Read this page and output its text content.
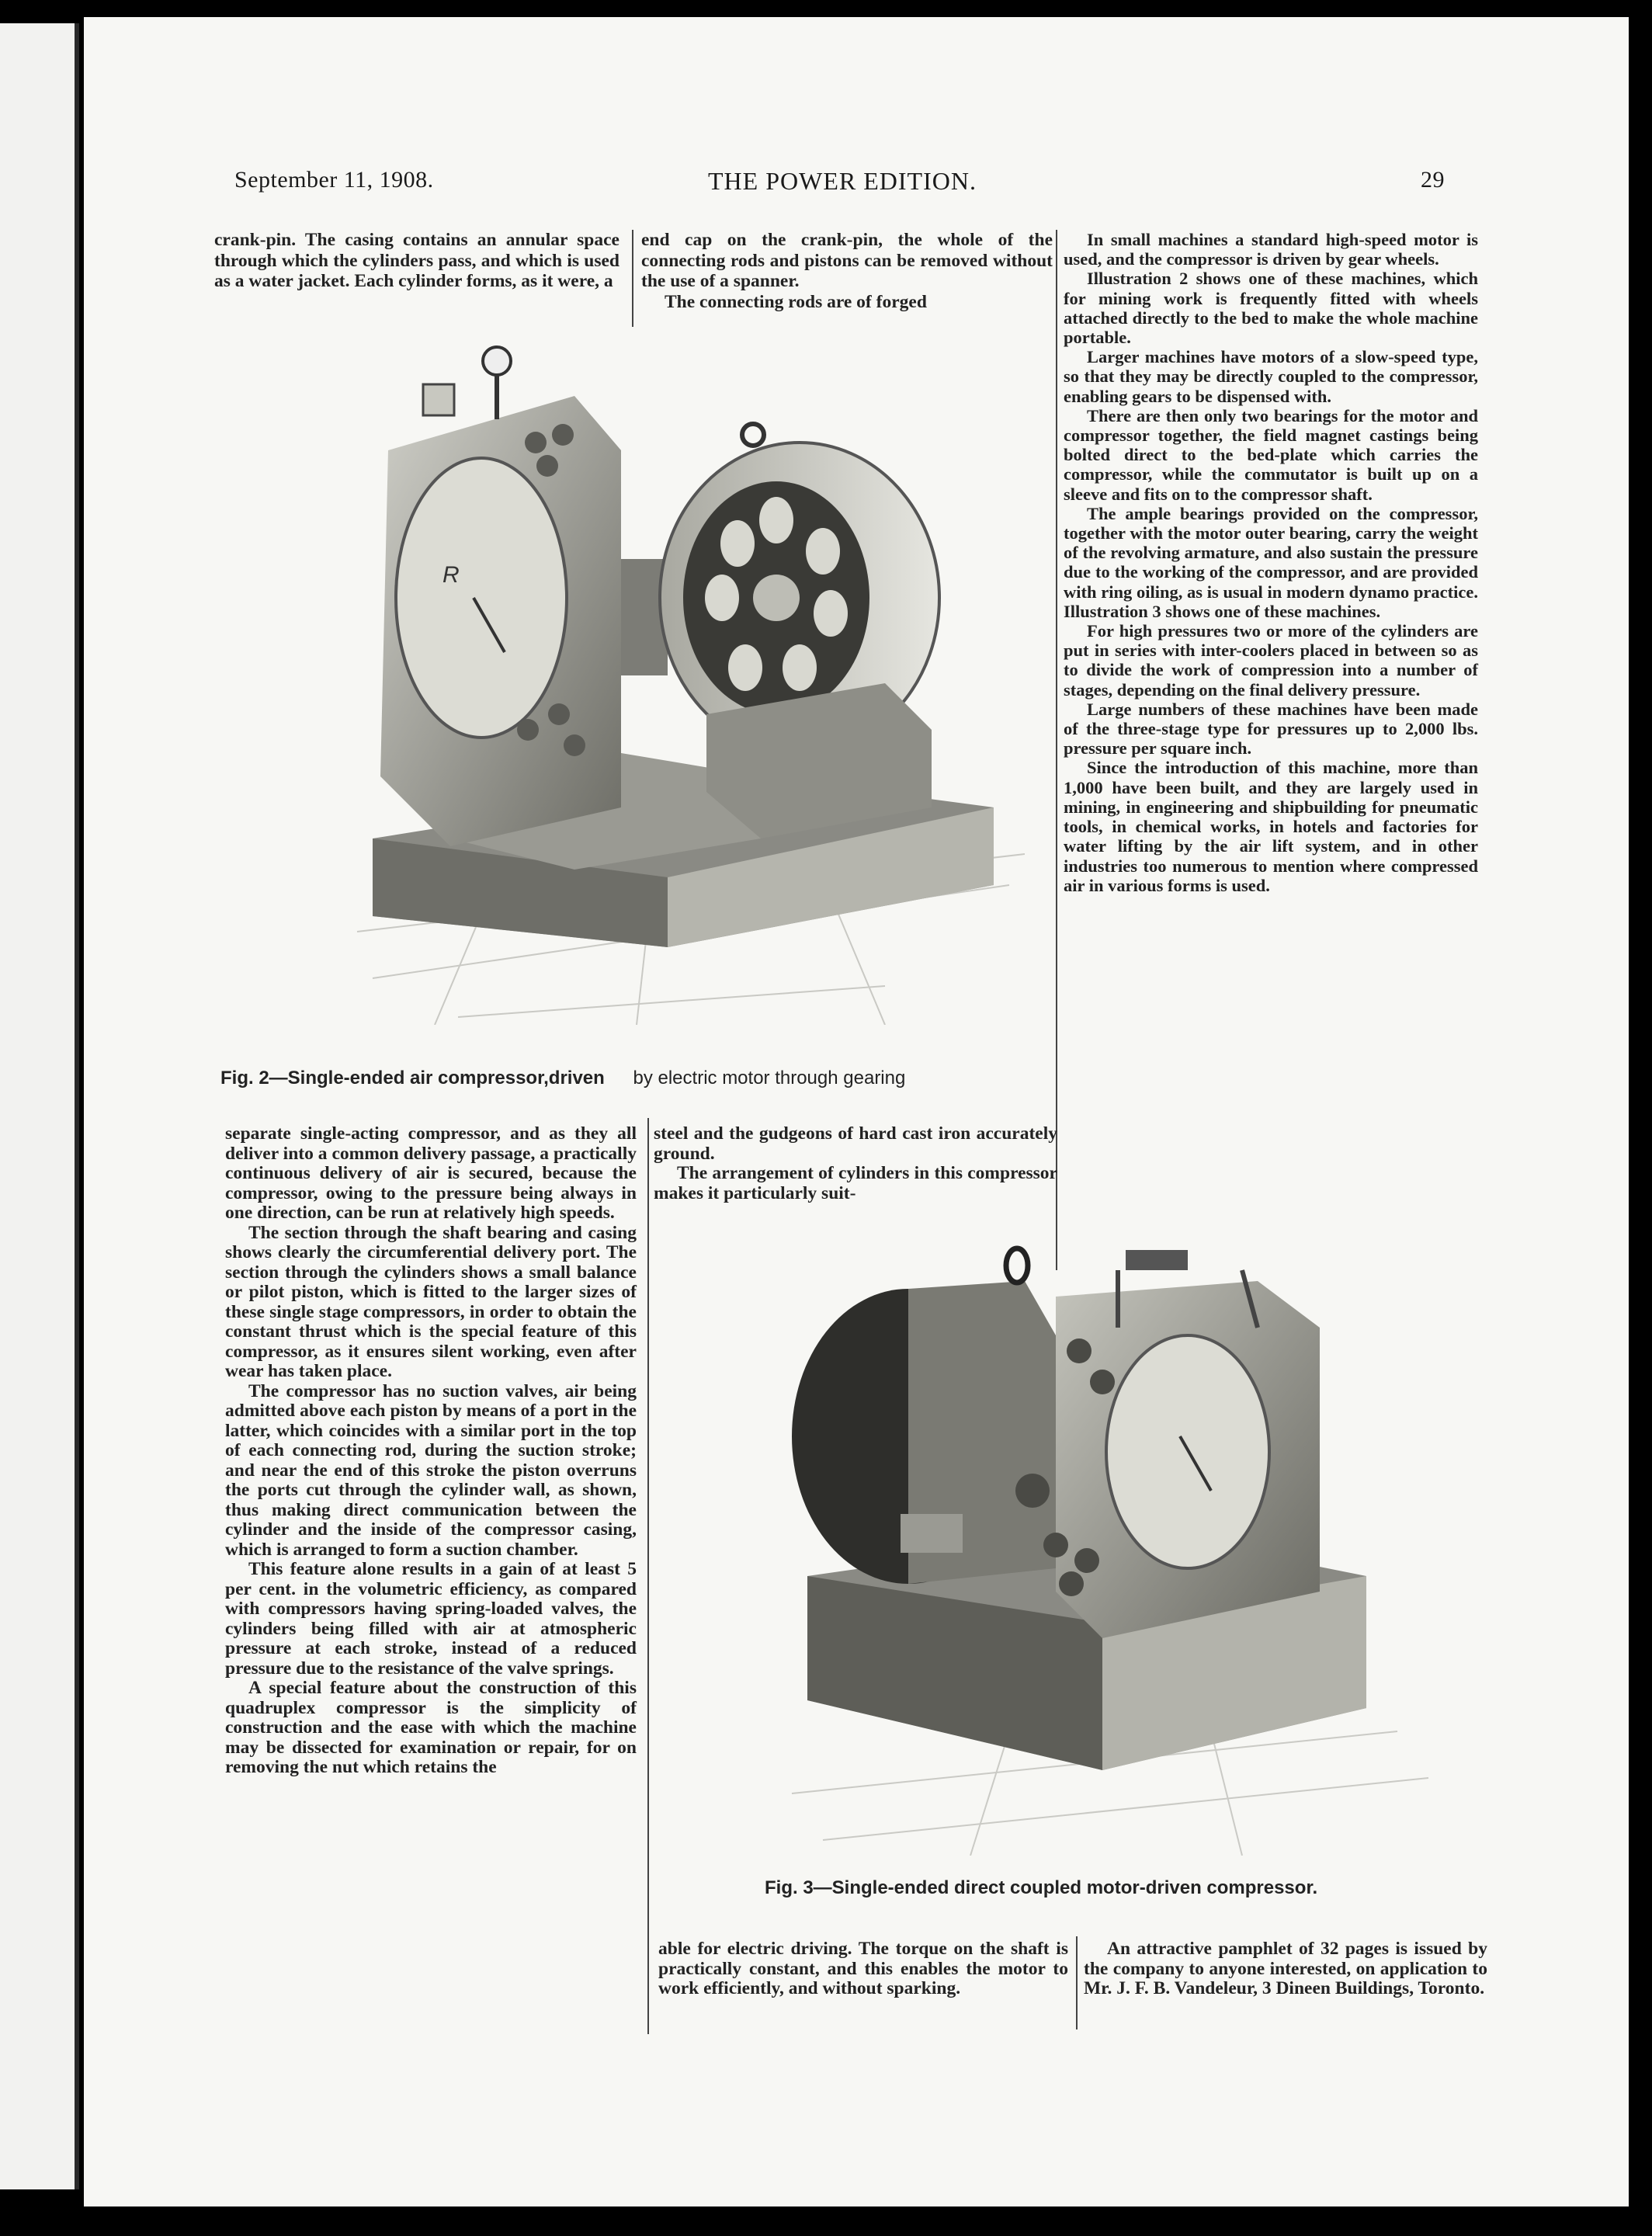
September 11, 1908.	THE POWER EDITION.	29

crank-pin. The casing contains an annular space through which the cylinders pass, and which is used as a water jacket. Each cylinder forms, as it were, a

end cap on the crank-pin, the whole of the connecting rods and pistons can be removed without the use of a spanner.

The connecting rods are of forged

In small machines a standard high-speed motor is used, and the compressor is driven by gear wheels.

Illustration 2 shows one of these machines, which for mining work is frequently fitted with wheels attached directly to the bed to make the whole machine portable.

Larger machines have motors of a slow-speed type, so that they may be directly coupled to the compressor, enabling gears to be dispensed with.

There are then only two bearings for the motor and compressor together, the field magnet castings being bolted direct to the bed-plate which carries the compressor, while the commutator is built up on a sleeve and fits on to the compressor shaft.

The ample bearings provided on the compressor, together with the motor outer bearing, carry the weight of the revolving armature, and also sustain the pressure due to the working of the compressor, and are provided with ring oiling, as is usual in modern dynamo practice. Illustration 3 shows one of these machines.

For high pressures two or more of the cylinders are put in series with inter-coolers placed in between so as to divide the work of compression into a number of stages, depending on the final delivery pressure.

Large numbers of these machines have been made of the three-stage type for pressures up to 2,000 lbs. pressure per square inch.

Since the introduction of this machine, more than 1,000 have been built, and they are largely used in mining, in engineering and shipbuilding for pneumatic tools, in chemical works, in hotels and factories for water lifting by the air lift system, and in other industries too numerous to mention where compressed air in various forms is used.

R
Fig. 2—Single-ended air compressor,driven by electric motor through gearing

separate single-acting compressor, and as they all deliver into a common delivery passage, a practically continuous delivery of air is secured, because the compressor, owing to the pressure being always in one direction, can be run at relatively high speeds.

The section through the shaft bearing and casing shows clearly the circumferential delivery port. The section through the cylinders shows a small balance or pilot piston, which is fitted to the larger sizes of these single stage compressors, in order to obtain the constant thrust which is the special feature of this compressor, as it ensures silent working, even after wear has taken place.

The compressor has no suction valves, air being admitted above each piston by means of a port in the latter, which coincides with a similar port in the top of each connecting rod, during the suction stroke; and near the end of this stroke the piston overruns the ports cut through the cylinder wall, as shown, thus making direct communication between the cylinder and the inside of the compressor casing, which is arranged to form a suction chamber.

This feature alone results in a gain of at least 5 per cent. in the volumetric efficiency, as compared with compressors having spring-loaded valves, the cylinders being filled with air at atmospheric pressure at each stroke, instead of a reduced pressure due to the resistance of the valve springs.

A special feature about the construction of this quadruplex compressor is the simplicity of construction and the ease with which the machine may be dissected for examination or repair, for on removing the nut which retains the

steel and the gudgeons of hard cast iron accurately ground.

The arrangement of cylinders in this compressor makes it particularly suit-

Fig. 3—Single-ended direct coupled motor-driven compressor.

able for electric driving. The torque on the shaft is practically constant, and this enables the motor to work efficiently, and without sparking.

An attractive pamphlet of 32 pages is issued by the company to anyone interested, on application to Mr. J. F. B. Vandeleur, 3 Dineen Buildings, Toronto.
